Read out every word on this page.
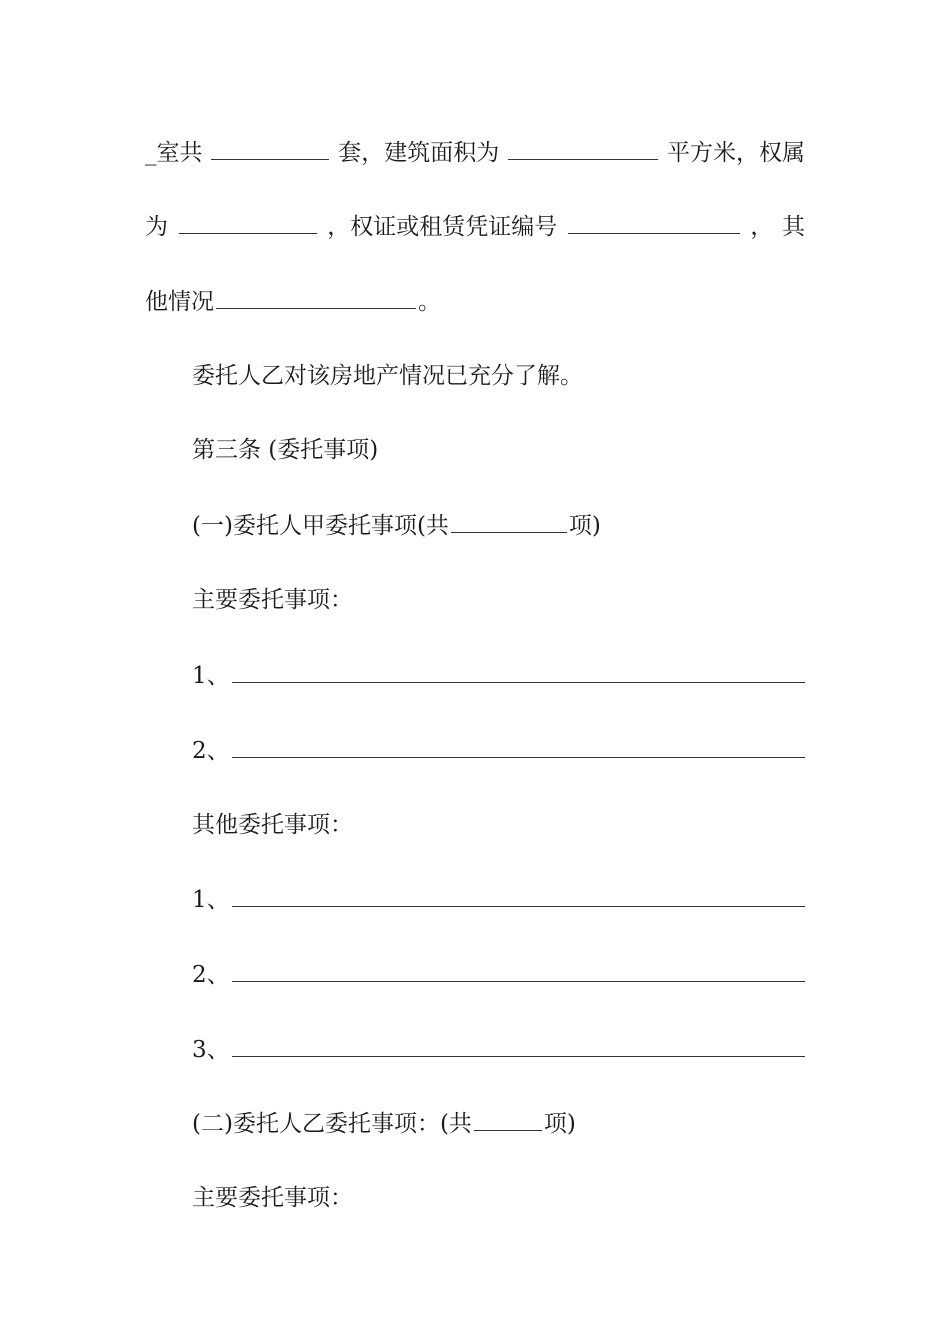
_室共	套，建筑面积为	平方米，权属
为	，权证或租赁凭证编号	， 其
他情况	。
委托人乙对该房地产情况已充分了解。
第三条 (委托事项)
(一)委托人甲委托事项(共	项)
主要委托事项：
1、
2、
其他委托事项：
1、
2、
3、
(二)委托人乙委托事项：(共	项)
主要委托事项：
